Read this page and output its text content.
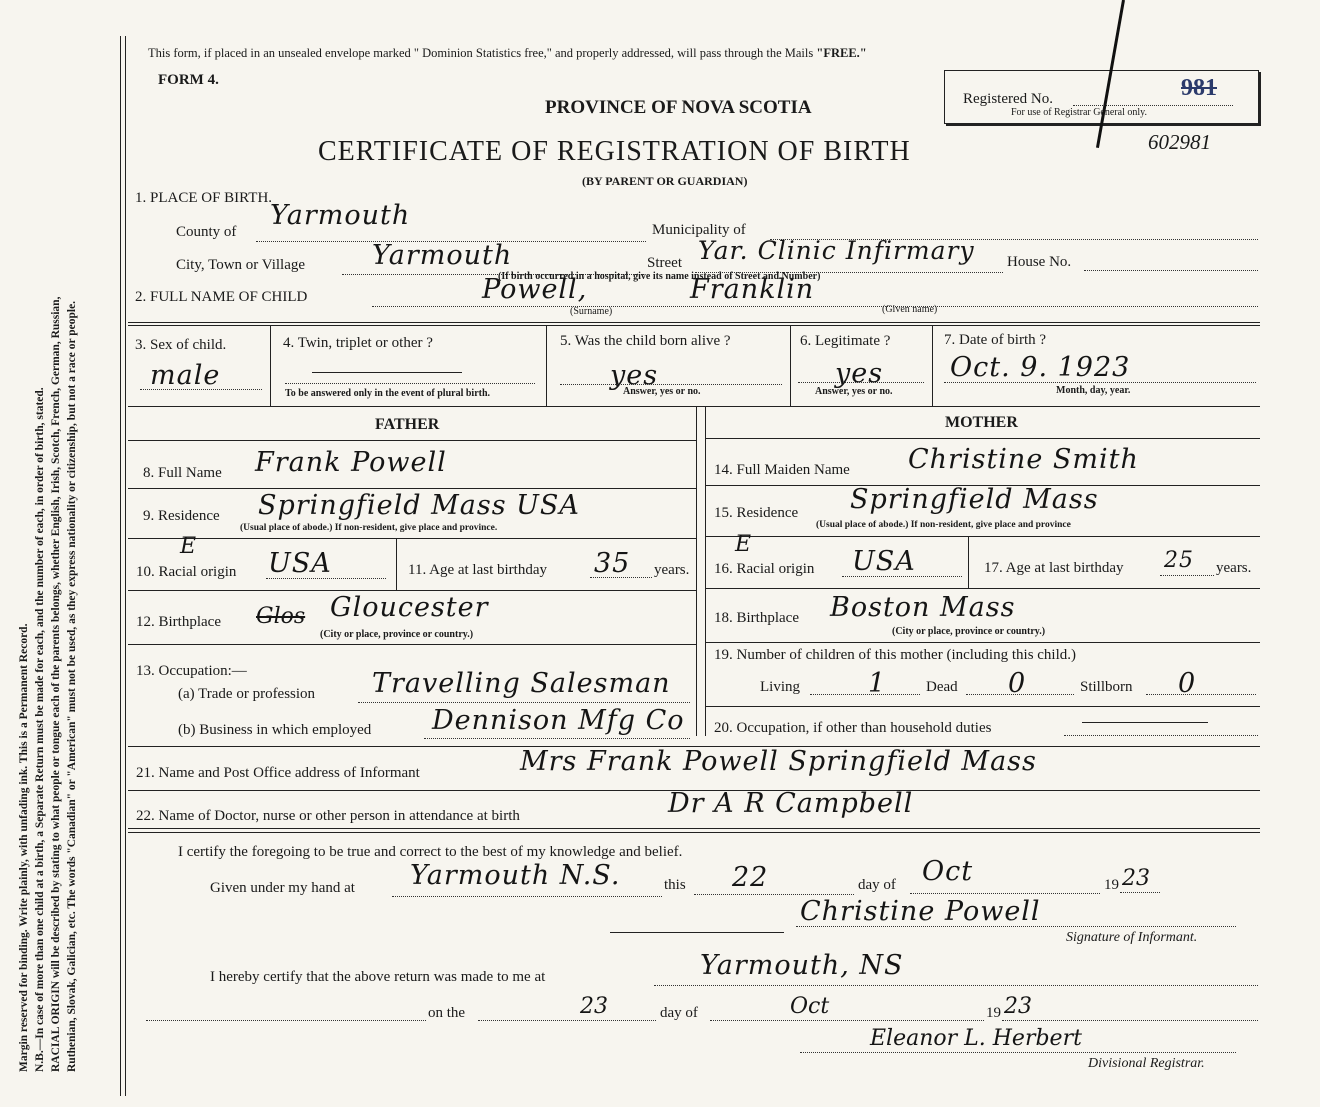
Margin reserved for binding. Write plainly, with unfading ink. This is a Permanent Record. N.B.—In case of more than one child at a birth, a Separate Return must be made for each, and the number of each, in order of birth, stated. RACIAL ORIGIN will be described by stating to what people or tongue each of the parents belongs, whether English, Irish, Scotch, French, German, Russian, Ruthenian, Slovak, Galician, etc. The words "Canadian" or "American" must not be used, as they express nationality or citizenship, but not a race or people.
This form, if placed in an unsealed envelope marked " Dominion Statistics free," and properly addressed, will pass through the Mails "FREE."
FORM 4.
PROVINCE OF NOVA SCOTIA
CERTIFICATE OF REGISTRATION OF BIRTH
(BY PARENT OR GUARDIAN)
Registered No.	981
For use of Registrar General only.
602981
1. PLACE OF BIRTH.
County of
Yarmouth	Municipality of
City, Town or Village Yarmouth	Street Yar. Clinic Infirmary House No.
(If birth occurred in a hospital, give its name instead of Street and Number)
2. FULL NAME OF CHILD	Powell,	Franklin
(Surname)	(Given name)
3. Sex of child.
male
4. Twin, triplet or other ?
To be answered only in the event of plural birth.
5. Was the child born alive ?
yes
Answer, yes or no.
6. Legitimate ?
yes
Answer, yes or no.
7. Date of birth ?
Oct. 9. 1923
Month, day, year.
FATHER	MOTHER
8. Full Name Frank Powell	14. Full Maiden Name Christine Smith
9. Residence Springfield Mass USA
(Usual place of abode.) If non-resident, give place and province.
15. Residence Springfield Mass
(Usual place of abode.) If non-resident, give place and province
E
10. Racial origin USA	11. Age at last birthday 35 years.
E
16. Racial origin USA	17. Age at last birthday 25 years.
12. Birthplace Glos Gloucester
(City or place, province or country.)
18. Birthplace Boston Mass
(City or place, province or country.)
13. Occupation:—
(a) Trade or profession Travelling Salesman
(b) Business in which employed Dennison Mfg Co
19. Number of children of this mother (including this child.)
Living	1	Dead 0	Stillborn 0
20. Occupation, if other than household duties
21. Name and Post Office address of Informant	Mrs Frank Powell Springfield Mass
22. Name of Doctor, nurse or other person in attendance at birth	Dr A R Campbell
I certify the foregoing to be true and correct to the best of my knowledge and belief.
Given under my hand at Yarmouth N.S.	this 22	day of Oct	19 23
Christine Powell
Signature of Informant.
I hereby certify that the above return was made to me at	Yarmouth, NS
on the	23	day of	Oct	19 23
Eleanor L. Herbert
Divisional Registrar.
